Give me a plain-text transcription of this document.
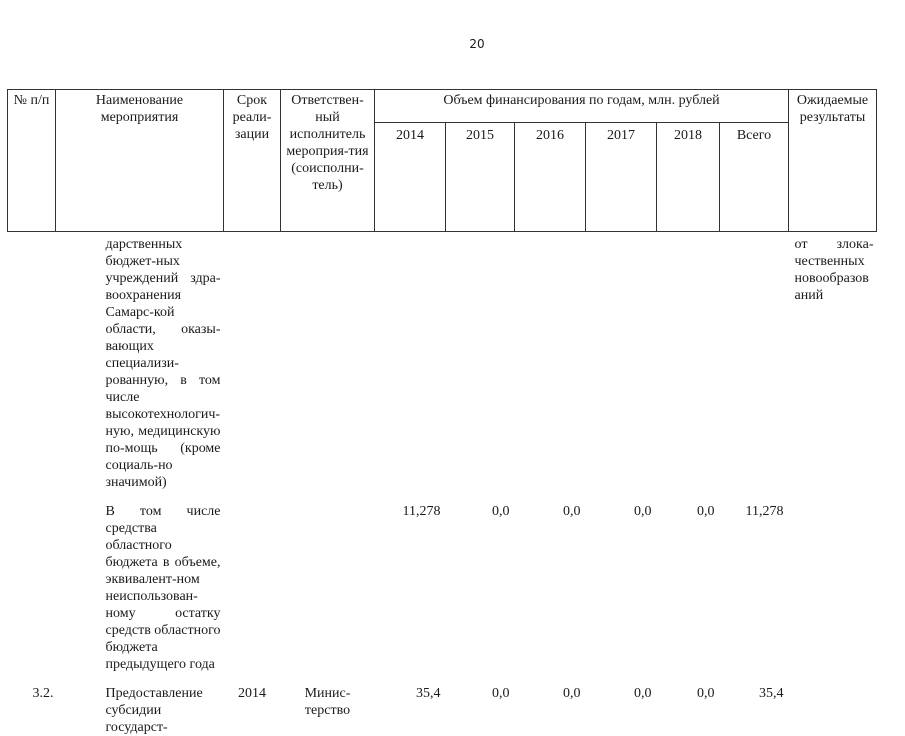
20
№ п/п	Наименование мероприятия	Срок реали-зации	Ответствен-ный исполнитель мероприя-тия (соисполни-тель)	Объем финансирования по годам, млн. рублей						Ожидаемые результаты
				2014	2015	2016	2017	2018	Всего	
	дарственных бюджет-ных учреждений здра-воохранения Самарс-кой области, оказы-вающих специализи-рованную, в том числе высокотехнологич-ную, медицинскую по-мощь (кроме социаль-но значимой)									от злока-чественных новообразов аний

	В том числе средства областного бюджета в объеме, эквивалент-ном неиспользован-ному остатку средств областного бюджета предыдущего года			11,278	0,0	0,0	0,0	0,0	11,278	

3.2.	Предоставление субсидии государст-	2014	Минис-терство	35,4	0,0	0,0	0,0	0,0	35,4	
